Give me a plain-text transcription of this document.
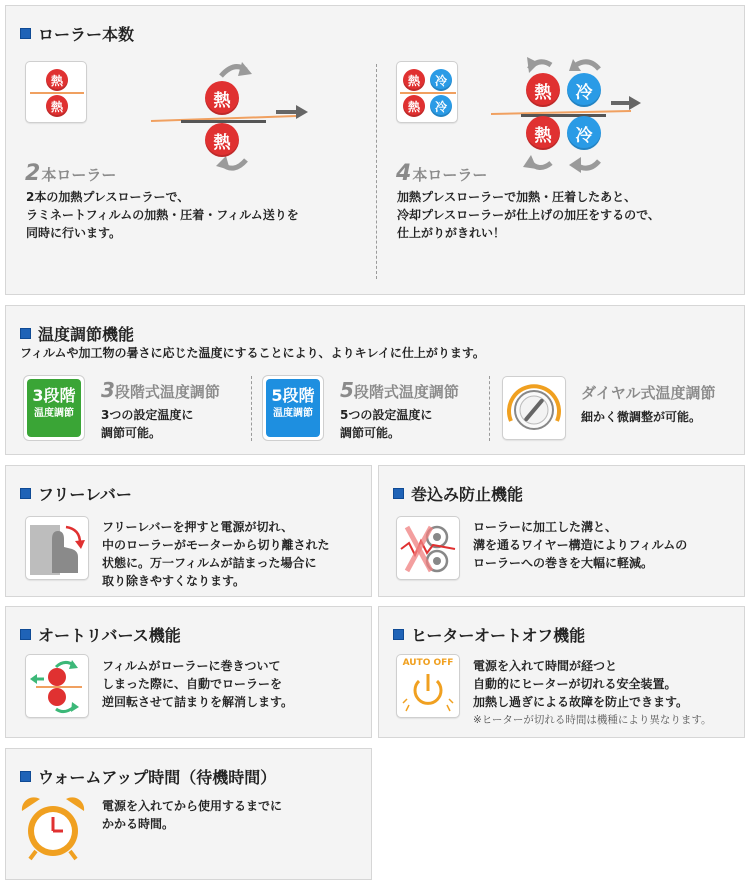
ローラー本数
熱
熱	熱
熱
2 本ローラー
2本の加熱プレスローラーで、
ラミネートフィルムの加熱・圧着・フィルム送りを
同時に行います。
熱 冷
熱 冷
熱 冷
熱 冷
4 本ローラー
加熱プレスローラーで加熱・圧着したあと、
冷却プレスローラーが仕上げの加圧をするので、
仕上がりがきれい！
温度調節機能
フィルムや加工物の暑さに応じた温度にすることにより、よりキレイに仕上がります。
3段階
温度調節
3段階式温度調節
3つの設定温度に
調節可能。
5段階
温度調節
5段階式温度調節
5つの設定温度に
調節可能。
ダイヤル式温度調節
細かく微調整が可能。
フリーレバー
フリーレバーを押すと電源が切れ、
中のローラーがモーターから切り離された
状態に。万一フィルムが詰まった場合に
取り除きやすくなります。
巻込み防止機能
ローラーに加工した溝と、
溝を通るワイヤー構造によりフィルムの
ローラーへの巻きを大幅に軽減。
オートリバース機能
フィルムがローラーに巻きついて
しまった際に、自動でローラーを
逆回転させて詰まりを解消します。
ヒーターオートオフ機能
AUTO OFF	電源を入れて時間が経つと
自動的にヒーターが切れる安全装置。
加熱し過ぎによる故障を防止できます。
※ヒーターが切れる時間は機種により異なります。
ウォームアップ時間（待機時間）
電源を入れてから使用するまでに
かかる時間。
